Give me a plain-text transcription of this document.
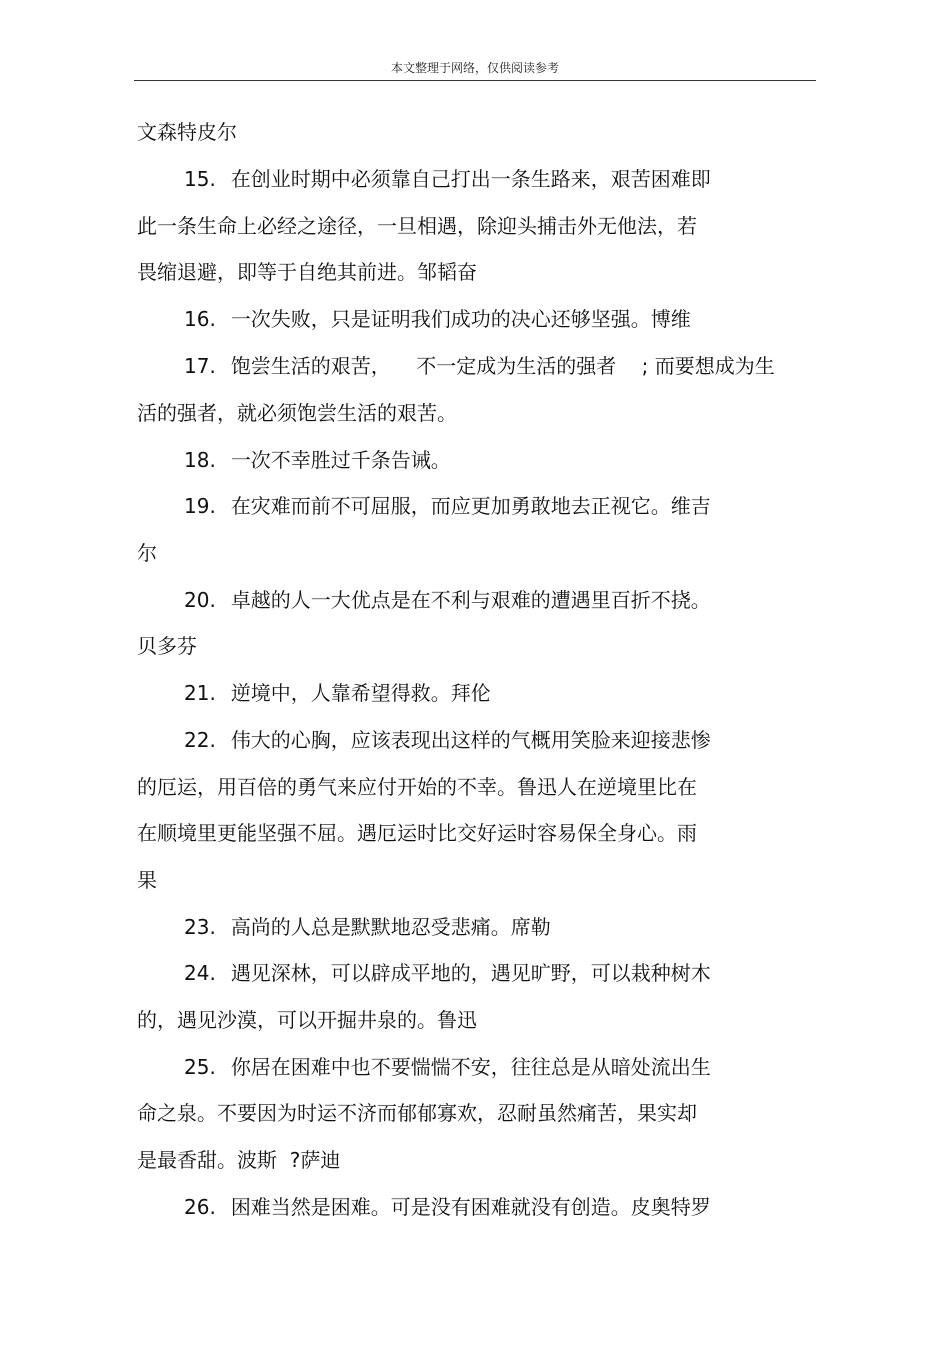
本文整理于网络，仅供阅读参考
文森特皮尔
15. 在创业时期中必须靠自己打出一条生路来，艰苦困难即
此一条生命上必经之途径，一旦相遇，除迎头捕击外无他法，若
畏缩退避，即等于自绝其前进。邹韬奋
16. 一次失败，只是证明我们成功的决心还够坚强。博维
17. 饱尝生活的艰苦，    不一定成为生活的强者    ; 而要想成为生
活的强者，就必须饱尝生活的艰苦。
18. 一次不幸胜过千条告诫。
19. 在灾难而前不可屈服，而应更加勇敢地去正视它。维吉
尔
20. 卓越的人一大优点是在不利与艰难的遭遇里百折不挠。
贝多芬
21. 逆境中，人靠希望得救。拜伦
22. 伟大的心胸，应该表现出这样的气概用笑脸来迎接悲惨
的厄运，用百倍的勇气来应付开始的不幸。鲁迅人在逆境里比在
在顺境里更能坚强不屈。遇厄运时比交好运时容易保全身心。雨
果
23. 高尚的人总是默默地忍受悲痛。席勒
24. 遇见深林，可以辟成平地的，遇见旷野，可以栽种树木
的，遇见沙漠，可以开掘井泉的。鲁迅
25. 你居在困难中也不要惴惴不安，往往总是从暗处流出生
命之泉。不要因为时运不济而郁郁寡欢，忍耐虽然痛苦，果实却
是最香甜。波斯  ?萨迪
26. 困难当然是困难。可是没有困难就没有创造。皮奥特罗
